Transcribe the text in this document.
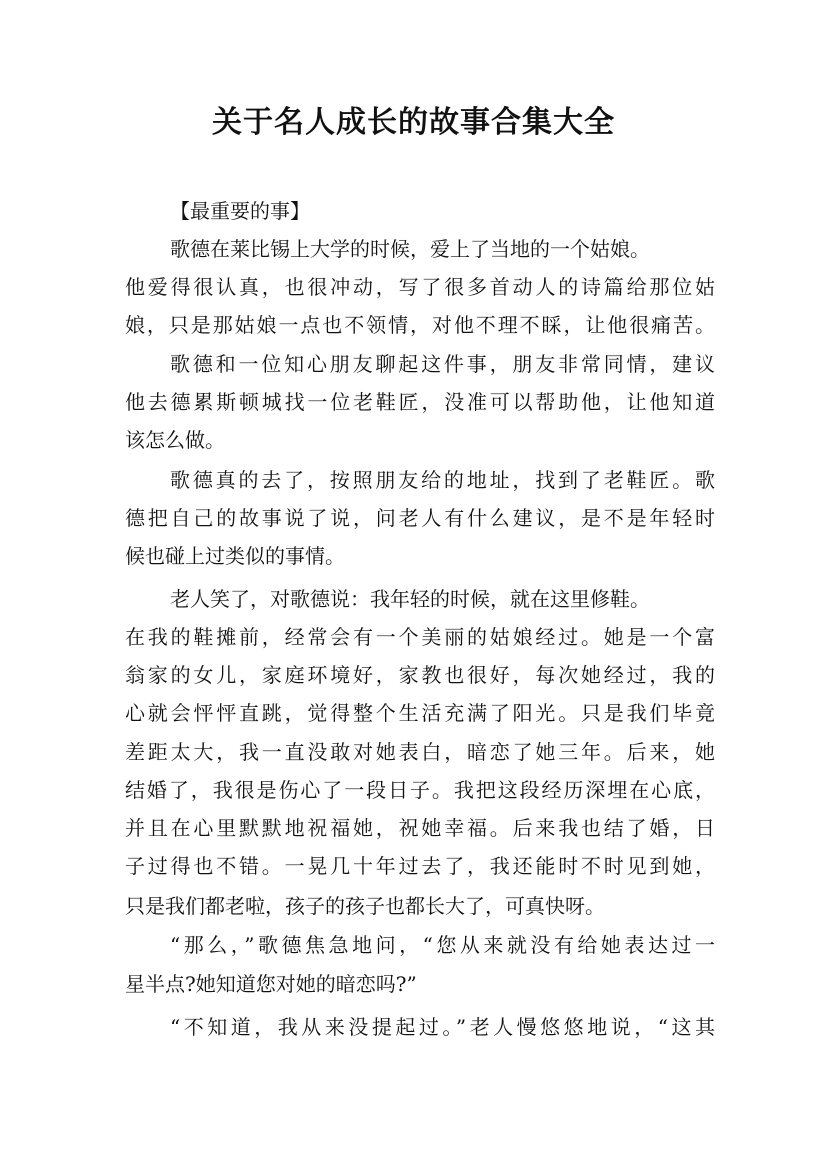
关于名人成长的故事合集大全
【最重要的事】
歌德在莱比锡上大学的时候，爱上了当地的一个姑娘。
他爱得很认真，也很冲动，写了很多首动人的诗篇给那位姑
娘，只是那姑娘一点也不领情，对他不理不睬，让他很痛苦。
歌德和一位知心朋友聊起这件事，朋友非常同情，建议
他去德累斯顿城找一位老鞋匠，没准可以帮助他，让他知道
该怎么做。
歌德真的去了，按照朋友给的地址，找到了老鞋匠。歌
德把自己的故事说了说，问老人有什么建议，是不是年轻时
候也碰上过类似的事情。
老人笑了，对歌德说：我年轻的时候，就在这里修鞋。
在我的鞋摊前，经常会有一个美丽的姑娘经过。她是一个富
翁家的女儿，家庭环境好，家教也很好，每次她经过，我的
心就会怦怦直跳，觉得整个生活充满了阳光。只是我们毕竟
差距太大，我一直没敢对她表白，暗恋了她三年。后来，她
结婚了，我很是伤心了一段日子。我把这段经历深埋在心底，
并且在心里默默地祝福她，祝她幸福。后来我也结了婚，日
子过得也不错。一晃几十年过去了，我还能时不时见到她，
只是我们都老啦，孩子的孩子也都长大了，可真快呀。
“那么，”歌德焦急地问，“您从来就没有给她表达过一
星半点?她知道您对她的暗恋吗?”
“不知道，我从来没提起过。”老人慢悠悠地说，“这其
